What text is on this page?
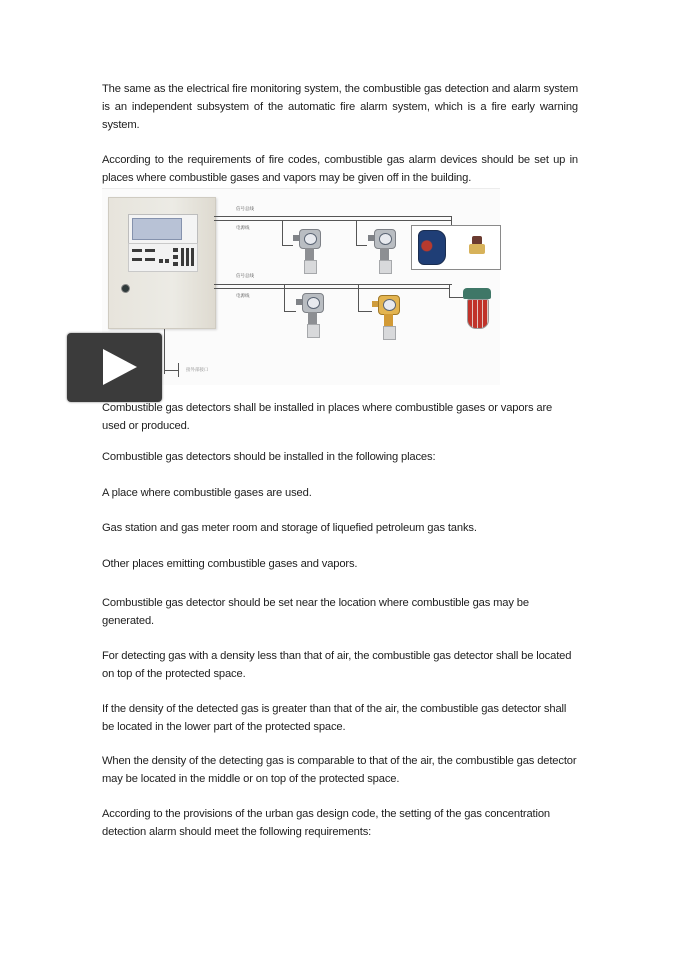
The same as the electrical fire monitoring system, the combustible gas detection and alarm system is an independent subsystem of the automatic fire alarm system, which is a fire early warning system.

According to the requirements of fire codes, combustible gas alarm devices should be set up in places where combustible gases and vapors may be given off in the building.

信号总线
电源线
信号总线
电源线
接外部接口

Combustible gas detectors shall be installed in places where combustible gases or vapors are used or produced.

Combustible gas detectors should be installed in the following places:

A place where combustible gases are used.

Gas station and gas meter room and storage of liquefied petroleum gas tanks.

Other places emitting combustible gases and vapors.

Combustible gas detector should be set near the location where combustible gas may be generated.

For detecting gas with a density less than that of air, the combustible gas detector shall be located on top of the protected space.

If the density of the detected gas is greater than that of the air, the combustible gas detector shall be located in the lower part of the protected space.

When the density of the detecting gas is comparable to that of the air, the combustible gas detector may be located in the middle or on top of the protected space.

According to the provisions of the urban gas design code, the setting of the gas concentration detection alarm should meet the following requirements:
